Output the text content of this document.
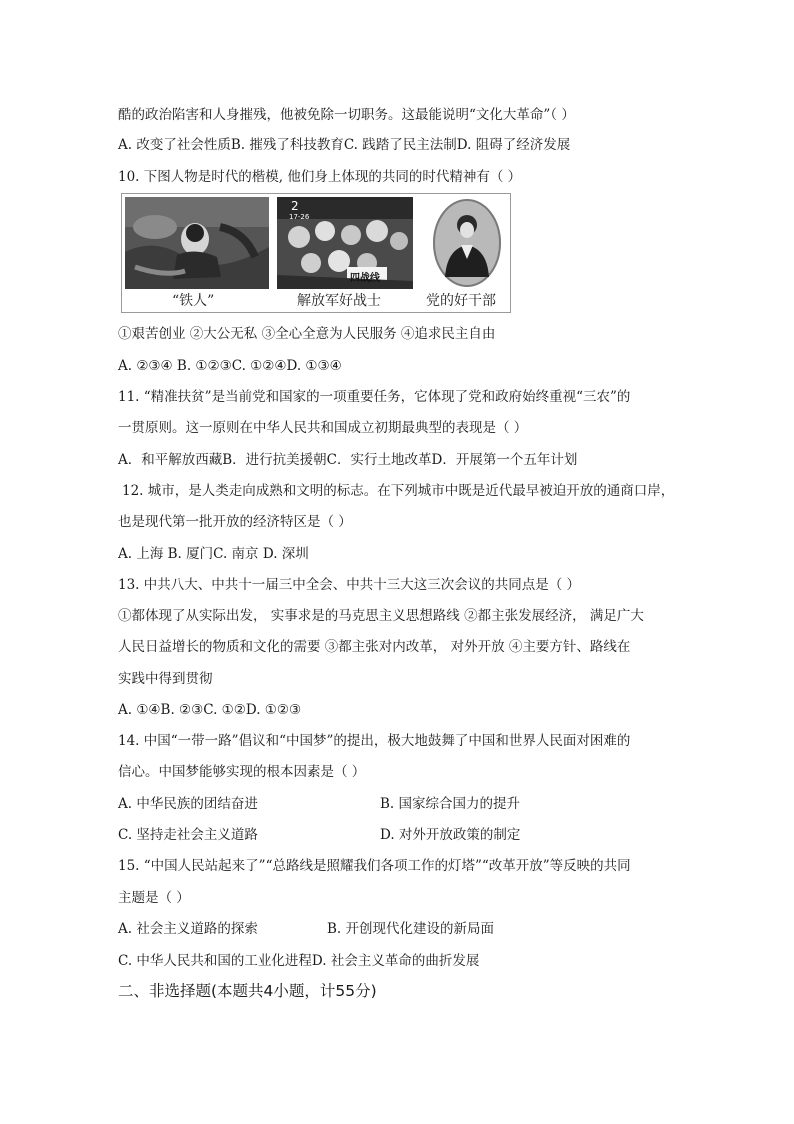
酷的政治陷害和人身摧残，他被免除一切职务。这最能说明“文化大革命”（ ）
A. 改变了社会性质B. 摧残了科技教育C. 践踏了民主法制D. 阻碍了经济发展
10. 下图人物是时代的楷模, 他们身上体现的共同的时代精神有（ ）
2
17-26
四战线
“铁人”	解放军好战士	党的好干部
①艰苦创业 ②大公无私 ③全心全意为人民服务 ④追求民主自由
A. ②③④ B. ①②③C. ①②④D. ①③④
11. “精准扶贫”是当前党和国家的一项重要任务，它体现了党和政府始终重视“三农”的
一贯原则。这一原则在中华人民共和国成立初期最典型的表现是（ ）
A．和平解放西藏B．进行抗美援朝C．实行土地改革D．开展第一个五年计划
12. 城市，是人类走向成熟和文明的标志。在下列城市中既是近代最早被迫开放的通商口岸，
也是现代第一批开放的经济特区是（ ）
A. 上海 B. 厦门C. 南京 D. 深圳
13. 中共八大、中共十一届三中全会、中共十三大这三次会议的共同点是（ ）
①都体现了从实际出发， 实事求是的马克思主义思想路线 ②都主张发展经济， 满足广大
人民日益增长的物质和文化的需要 ③都主张对内改革， 对外开放 ④主要方针、路线在
实践中得到贯彻
A. ①④B. ②③C. ①②D. ①②③
14. 中国“一带一路”倡议和“中国梦”的提出，极大地鼓舞了中国和世界人民面对困难的
信心。中国梦能够实现的根本因素是（ ）
A. 中华民族的团结奋进	B. 国家综合国力的提升
C. 坚持走社会主义道路	D. 对外开放政策的制定
15. “中国人民站起来了”“总路线是照耀我们各项工作的灯塔”“改革开放”等反映的共同
主题是（ ）
A. 社会主义道路的探索	B. 开创现代化建设的新局面
C. 中华人民共和国的工业化进程D. 社会主义革命的曲折发展
二、非选择题(本题共4小题，计55分)
